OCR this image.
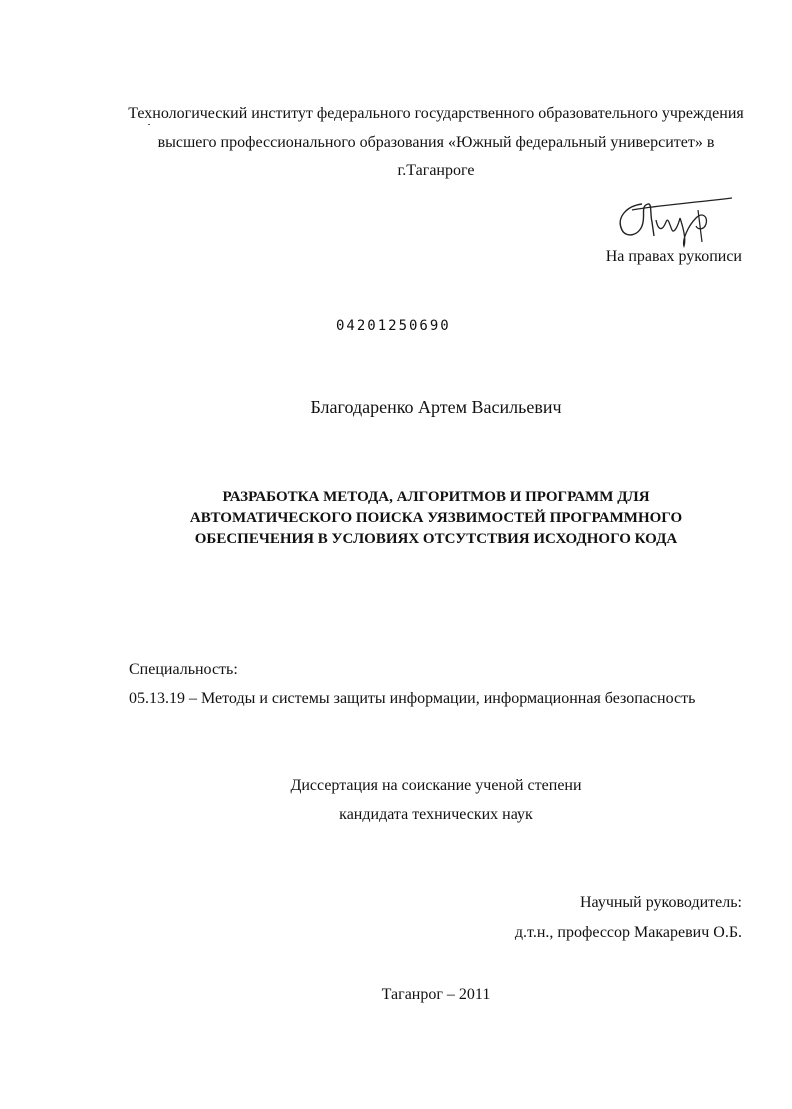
Технологический институт федерального государственного образовательного учреждения
высшего профессионального образования «Южный федеральный университет» в
г.Таганроге
На правах рукописи
04201250690
Благодаренко Артем Васильевич
РАЗРАБОТКА МЕТОДА, АЛГОРИТМОВ И ПРОГРАММ ДЛЯ
АВТОМАТИЧЕСКОГО ПОИСКА УЯЗВИМОСТЕЙ ПРОГРАММНОГО
ОБЕСПЕЧЕНИЯ В УСЛОВИЯХ ОТСУТСТВИЯ ИСХОДНОГО КОДА
Специальность:
05.13.19 – Методы и системы защиты информации, информационная безопасность
Диссертация на соискание ученой степени
кандидата технических наук
Научный руководитель:
д.т.н., профессор Макаревич О.Б.
Таганрог – 2011
